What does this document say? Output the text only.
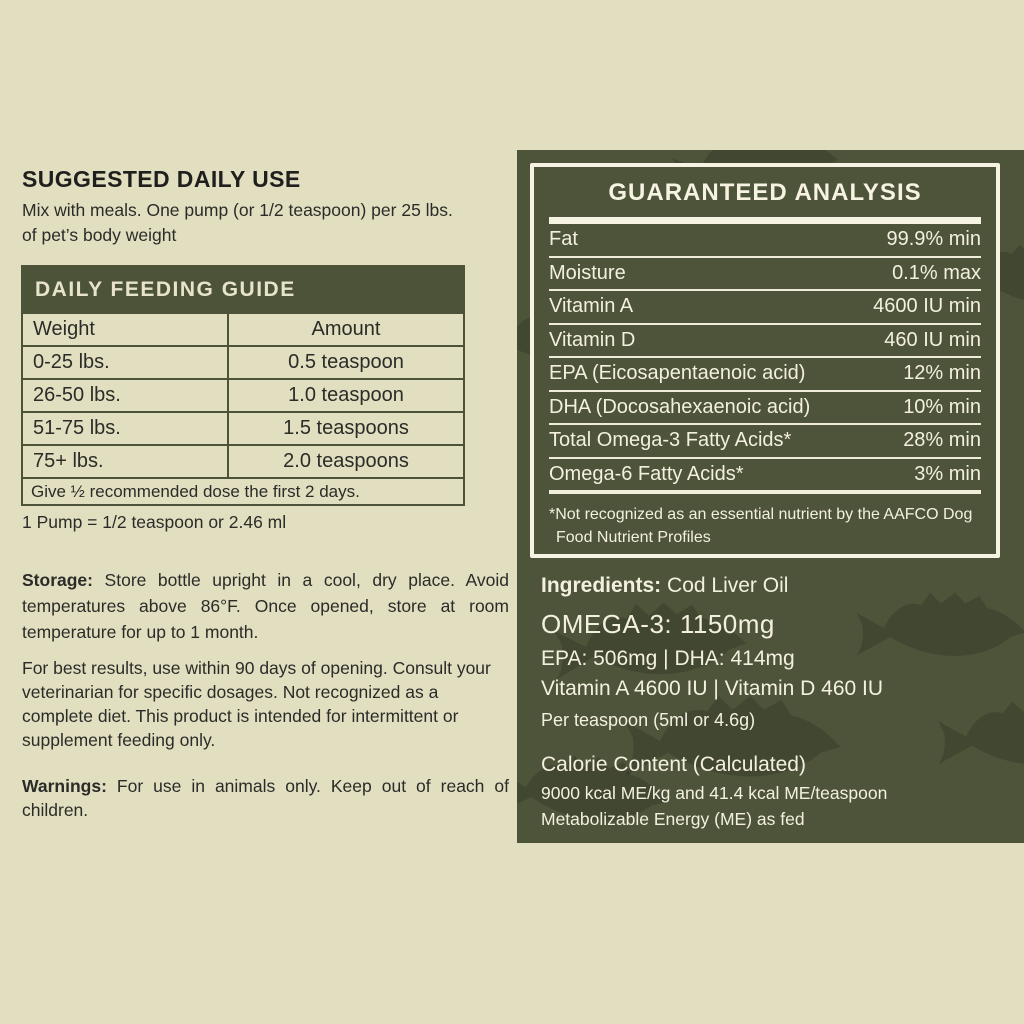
SUGGESTED DAILY USE
Mix with meals. One pump (or 1/2 teaspoon) per 25 lbs.
of pet’s body weight
DAILY FEEDING GUIDE
Weight	Amount
0-25 lbs.	0.5 teaspoon
26-50 lbs.	1.0 teaspoon
51-75 lbs.	1.5 teaspoons
75+ lbs.	2.0 teaspoons
Give ½ recommended dose the first 2 days.
1 Pump = 1/2 teaspoon or 2.46 ml
Storage: Store bottle upright in a cool, dry place. Avoid temperatures above 86°F. Once opened, store at room temperature for up to 1 month.
For best results, use within 90 days of opening. Consult your veterinarian for specific dosages. Not recognized as a complete diet. This product is intended for intermittent or supplement feeding only.
Warnings: For use in animals only. Keep out of reach of children.
GUARANTEED ANALYSIS
Fat	99.9% min
Moisture	0.1% max
Vitamin A	4600 IU min
Vitamin D	460 IU min
EPA (Eicosapentaenoic acid)	12% min
DHA (Docosahexaenoic acid)	10% min
Total Omega-3 Fatty Acids*	28% min
Omega-6 Fatty Acids*	3% min
*Not recognized as an essential nutrient by the AAFCO Dog
Food Nutrient Profiles
Ingredients: Cod Liver Oil
OMEGA-3: 1150mg
EPA: 506mg | DHA: 414mg
Vitamin A 4600 IU | Vitamin D 460 IU
Per teaspoon (5ml or 4.6g)
Calorie Content (Calculated)
9000 kcal ME/kg and 41.4 kcal ME/teaspoon
Metabolizable Energy (ME) as fed
